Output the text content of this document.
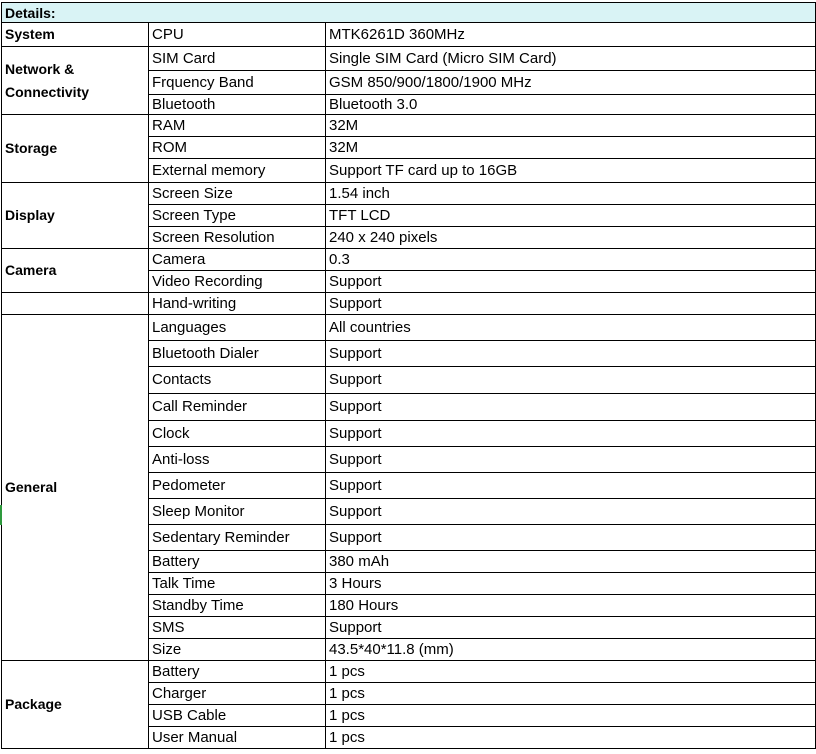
Details:		
System	CPU	MTK6261D 360MHz
Network & Connectivity	SIM Card	Single SIM Card (Micro SIM Card)
	Frquency Band	GSM 850/900/1800/1900 MHz
	Bluetooth	Bluetooth 3.0
Storage	RAM	32M
	ROM	32M
	External memory	Support TF card up to 16GB
Display	Screen Size	1.54 inch
	Screen Type	TFT LCD
	Screen Resolution	240 x 240 pixels
Camera	Camera	0.3
	Video Recording	Support
	Hand-writing	Support
General	Languages	All countries
	Bluetooth Dialer	Support
	Contacts	Support
	Call Reminder	Support
	Clock	Support
	Anti-loss	Support
	Pedometer	Support
	Sleep Monitor	Support
	Sedentary Reminder	Support
	Battery	380 mAh
	Talk Time	3 Hours
	Standby Time	180 Hours
	SMS	Support
	Size	43.5*40*11.8 (mm)
Package	Battery	1 pcs
	Charger	1 pcs
	USB Cable	1 pcs
	User Manual	1 pcs
